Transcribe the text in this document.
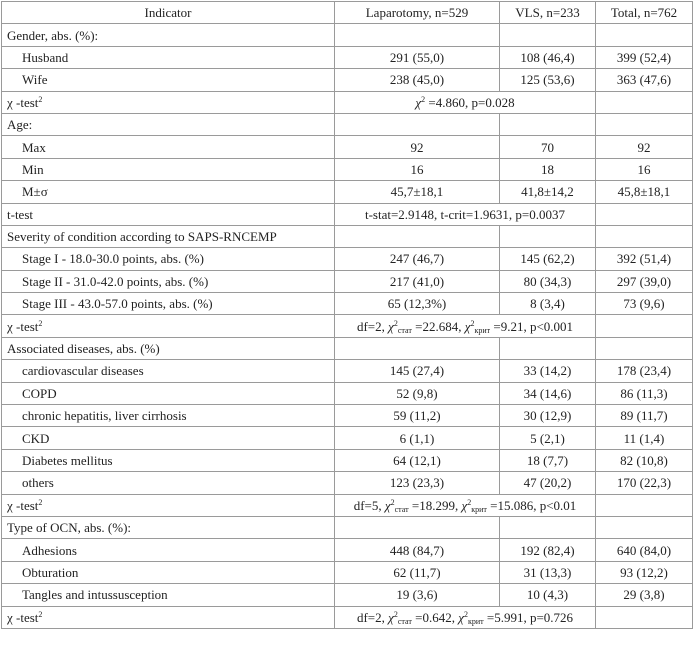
Indicator	Laparotomy, n=529	VLS, n=233	Total, n=762
Gender, abs. (%):			
Husband	291 (55,0)	108 (46,4)	399 (52,4)
Wife	238 (45,0)	125 (53,6)	363 (47,6)
χ -test$^2$	$\chi^2 =4.860$, p=0.028		
Age:			
Max	92	70	92
Min	16	18	16
M±σ	45,7±18,1	41,8±14,2	45,8±18,1
t-test	t-stat=2.9148, t-crit=1.9631, p=0.0037		
Severity of condition according to SAPS-RNCEMP			
Stage I - 18.0-30.0 points, abs. (%)	247 (46,7)	145 (62,2)	392 (51,4)
Stage II - 31.0-42.0 points, abs. (%)	217 (41,0)	80 (34,3)	297 (39,0)
Stage III - 43.0-57.0 points, abs. (%)	65 (12,3%)	8 (3,4)	73 (9,6)
χ -test$^2$	df=2, $\chi^2_{стат} =22.684$, $\chi^2_{крит} =9.21$, p<0.001		
Associated diseases, abs. (%)			
cardiovascular diseases	145 (27,4)	33 (14,2)	178 (23,4)
COPD	52 (9,8)	34 (14,6)	86 (11,3)
chronic hepatitis, liver cirrhosis	59 (11,2)	30 (12,9)	89 (11,7)
CKD	6 (1,1)	5 (2,1)	11 (1,4)
Diabetes mellitus	64 (12,1)	18 (7,7)	82 (10,8)
others	123 (23,3)	47 (20,2)	170 (22,3)
χ -test$^2$	df=5, $\chi^2_{стат} =18.299$, $\chi^2_{крит} =15.086$, p<0.01		
Type of OCN, abs. (%):			
Adhesions	448 (84,7)	192 (82,4)	640 (84,0)
Obturation	62 (11,7)	31 (13,3)	93 (12,2)
Tangles and intussusception	19 (3,6)	10 (4,3)	29 (3,8)
χ -test$^2$	df=2, $\chi^2_{стат} =0.642$, $\chi^2_{крит} =5.991$, p=0.726		
